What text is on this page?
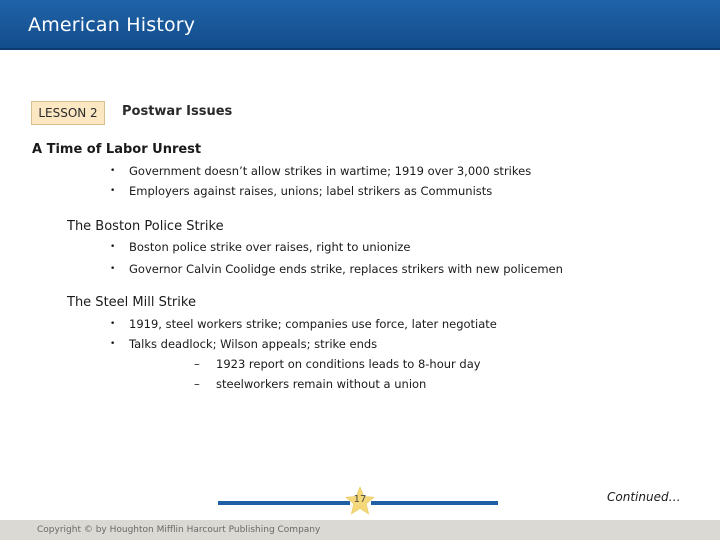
American History
LESSON 2	Postwar Issues
A Time of Labor Unrest
• Government doesn’t allow strikes in wartime; 1919 over 3,000 strikes
• Employers against raises, unions; label strikers as Communists
The Boston Police Strike
• Boston police strike over raises, right to unionize
• Governor Calvin Coolidge ends strike, replaces strikers with new policemen
The Steel Mill Strike
• 1919, steel workers strike; companies use force, later negotiate
• Talks deadlock; Wilson appeals; strike ends
– 1923 report on conditions leads to 8-hour day
– steelworkers remain without a union
17	Continued…
Copyright © by Houghton Mifflin Harcourt Publishing Company
